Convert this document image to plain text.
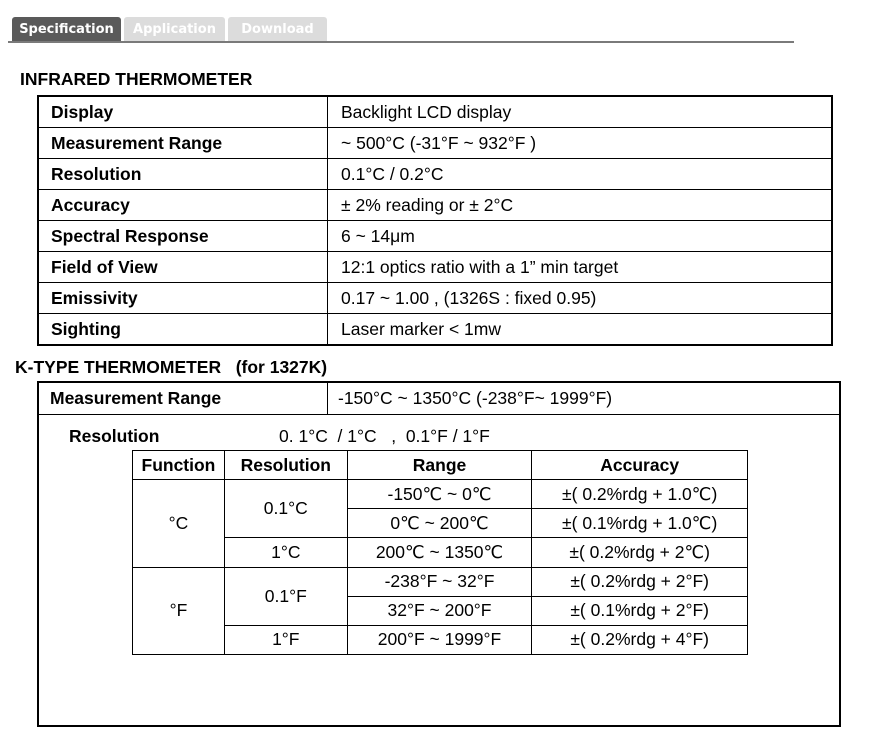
Specification	Application	Download
INFRARED THERMOMETER
Display	Backlight LCD display
Measurement Range	~ 500°C (-31°F ~ 932°F )
Resolution	0.1°C / 0.2°C
Accuracy	± 2% reading or ± 2°C
Spectral Response	6 ~ 14μm
Field of View	12:1 optics ratio with a 1” min target
Emissivity	0.17 ~ 1.00 , (1326S : fixed 0.95)
Sighting	Laser marker < 1mw
K-TYPE THERMOMETER   (for 1327K)
Measurement Range	-150°C ~ 1350°C (-238°F~ 1999°F)
Resolution	0. 1°C  / 1°C   ,  0.1°F / 1°F
Function	Resolution	Range	Accuracy
°C	0.1°C	-150℃ ~ 0℃	±( 0.2%rdg + 1.0℃)
		0℃ ~ 200℃	±( 0.1%rdg + 1.0℃)
	1°C	200℃ ~ 1350℃	±( 0.2%rdg + 2℃)
°F	0.1°F	-238°F ~ 32°F	±( 0.2%rdg + 2°F)
		32°F ~ 200°F	±( 0.1%rdg + 2°F)
	1°F	200°F ~ 1999°F	±( 0.2%rdg + 4°F)
